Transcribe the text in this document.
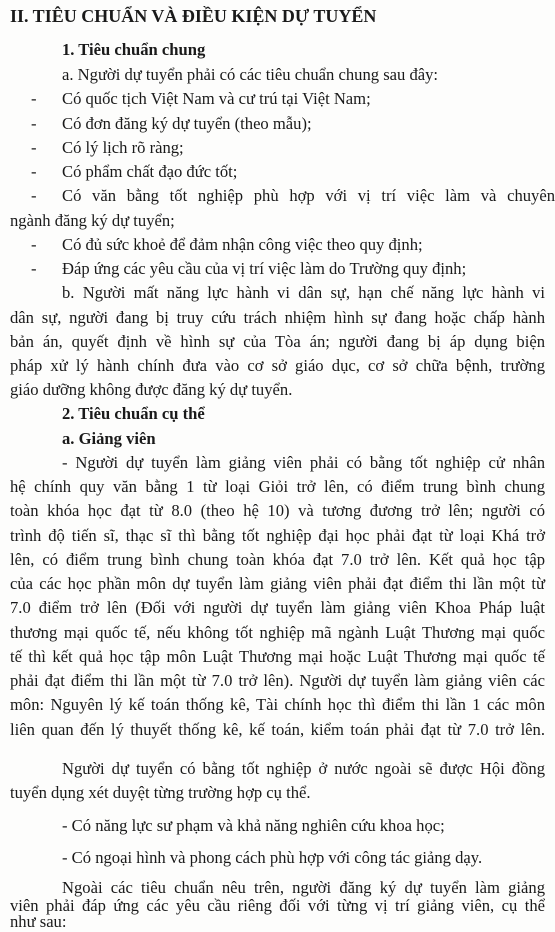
II. TIÊU CHUẨN VÀ ĐIỀU KIỆN DỰ TUYỂN
1. Tiêu chuẩn chung
a. Người dự tuyển phải có các tiêu chuẩn chung sau đây:
- Có quốc tịch Việt Nam và cư trú tại Việt Nam;
- Có đơn đăng ký dự tuyển (theo mẫu);
- Có lý lịch rõ ràng;
- Có phẩm chất đạo đức tốt;
- Có văn bằng tốt nghiệp phù hợp với vị trí việc làm và chuyên
ngành đăng ký dự tuyển;
- Có đủ sức khoẻ để đảm nhận công việc theo quy định;
- Đáp ứng các yêu cầu của vị trí việc làm do Trường quy định;
b. Người mất năng lực hành vi dân sự, hạn chế năng lực hành vi
dân sự, người đang bị truy cứu trách nhiệm hình sự đang hoặc chấp hành
bản án, quyết định về hình sự của Tòa án; người đang bị áp dụng biện
pháp xử lý hành chính đưa vào cơ sở giáo dục, cơ sở chữa bệnh, trường
giáo dưỡng không được đăng ký dự tuyển.
2. Tiêu chuẩn cụ thể
a. Giảng viên
- Người dự tuyển làm giảng viên phải có bằng tốt nghiệp cử nhân
hệ chính quy văn bằng 1 từ loại Giỏi trở lên, có điểm trung bình chung
toàn khóa học đạt từ 8.0 (theo hệ 10) và tương đương trở lên; người có
trình độ tiến sĩ, thạc sĩ thì bằng tốt nghiệp đại học phải đạt từ loại Khá trở
lên, có điểm trung bình chung toàn khóa đạt 7.0 trở lên. Kết quả học tập
của các học phần môn dự tuyển làm giảng viên phải đạt điểm thi lần một từ
7.0 điểm trở lên (Đối với người dự tuyển làm giảng viên Khoa Pháp luật
thương mại quốc tế, nếu không tốt nghiệp mã ngành Luật Thương mại quốc
tế thì kết quả học tập môn Luật Thương mại hoặc Luật Thương mại quốc tế
phải đạt điểm thi lần một từ 7.0 trở lên). Người dự tuyển làm giảng viên các
môn: Nguyên lý kế toán thống kê, Tài chính học thì điểm thi lần 1 các môn
liên quan đến lý thuyết thống kê, kế toán, kiểm toán phải đạt từ 7.0 trở lên.
Người dự tuyển có bằng tốt nghiệp ở nước ngoài sẽ được Hội đồng
tuyển dụng xét duyệt từng trường hợp cụ thể.
- Có năng lực sư phạm và khả năng nghiên cứu khoa học;
- Có ngoại hình và phong cách phù hợp với công tác giảng dạy.
Ngoài các tiêu chuẩn nêu trên, người đăng ký dự tuyển làm giảng
viên phải đáp ứng các yêu cầu riêng đối với từng vị trí giảng viên, cụ thể
như sau:
